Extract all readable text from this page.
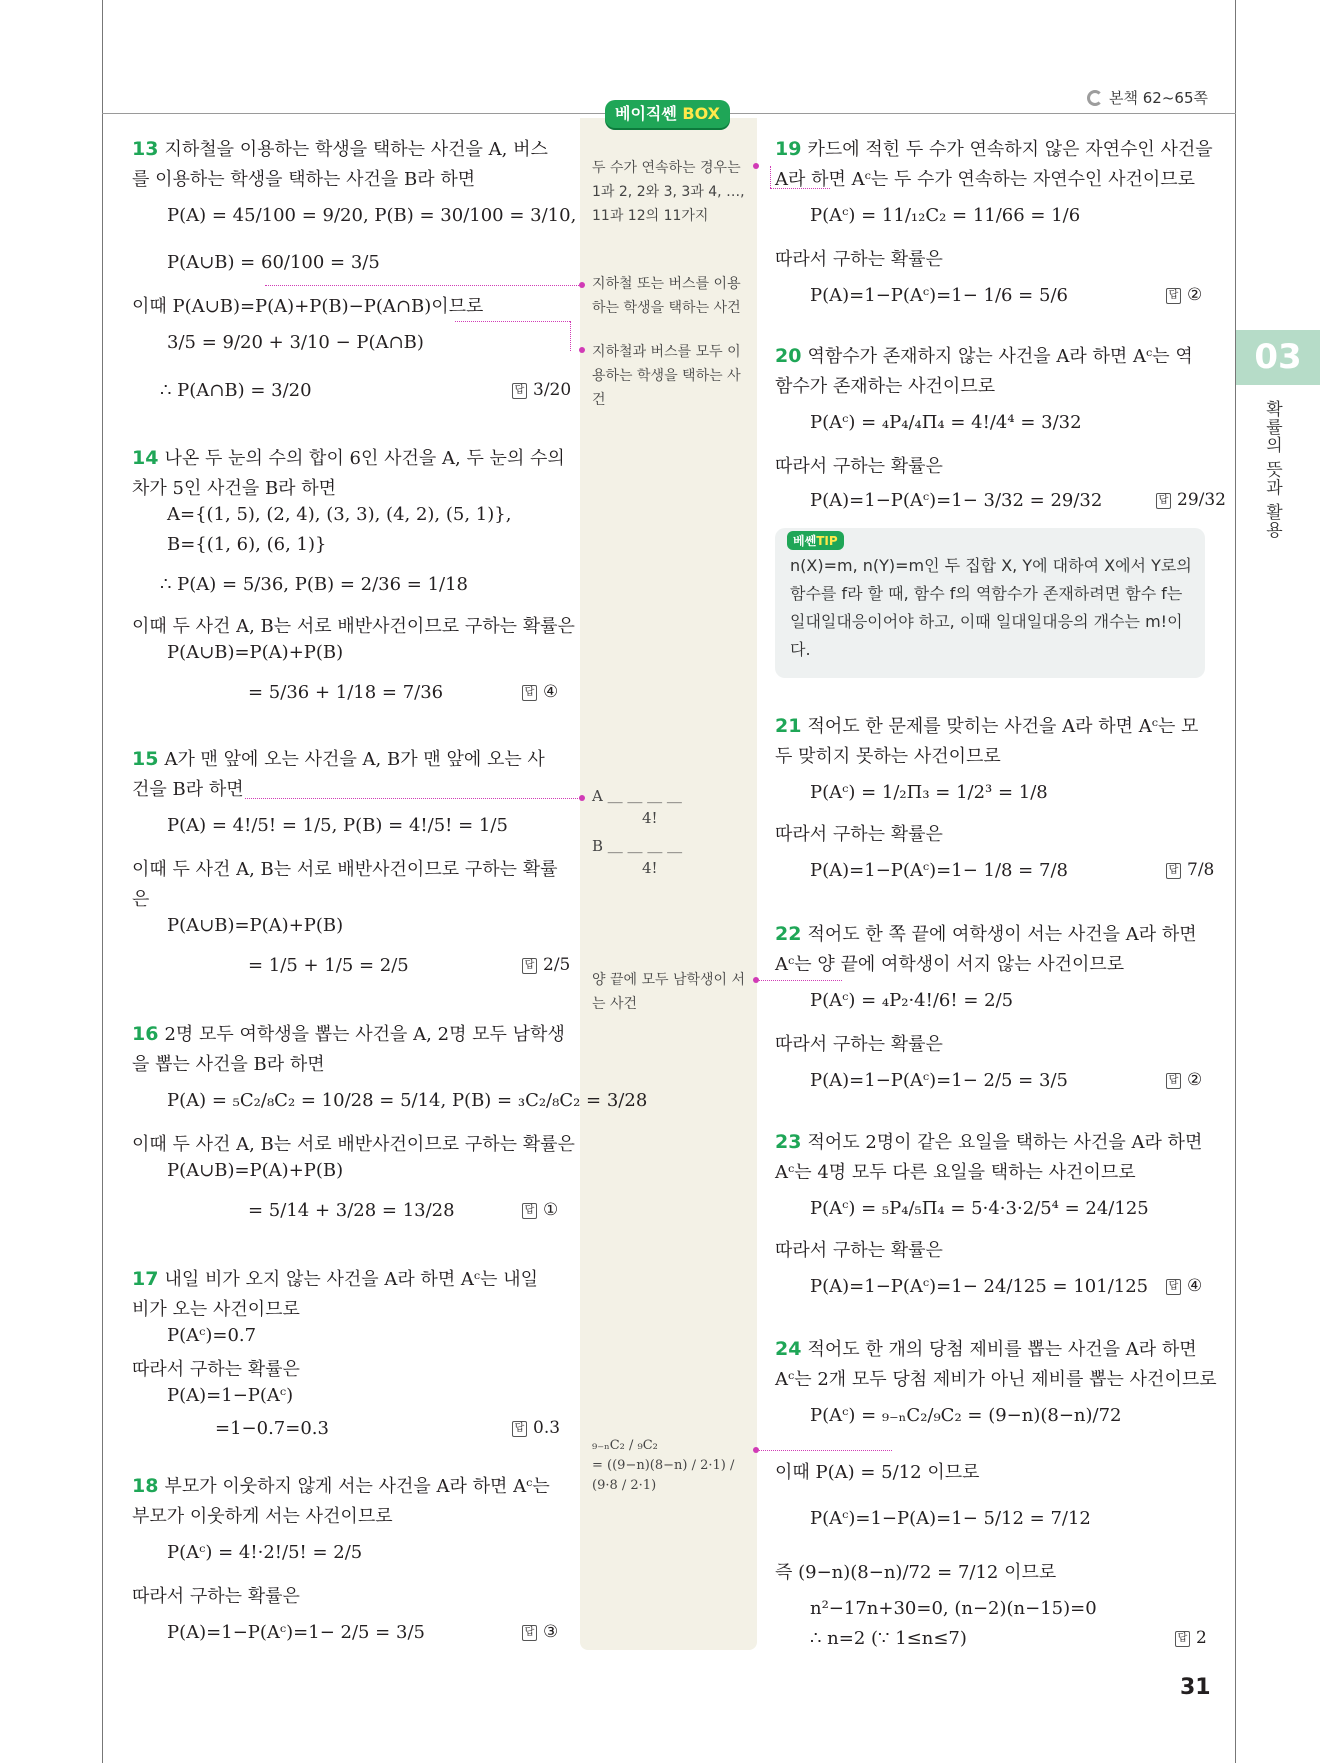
본책 62~65쪽
베이직쎈 BOX
두 수가 연속하는 경우는 1과 2, 2와 3, 3과 4, …, 11과 12의 11가지
지하철 또는 버스를 이용하는 학생을 택하는 사건
지하철과 버스를 모두 이용하는 학생을 택하는 사건
A ＿ ＿ ＿ ＿
4!
B ＿ ＿ ＿ ＿
4!
양 끝에 모두 남학생이 서는 사건
₉₋ₙC₂ / ₉C₂
= ((9−n)(8−n) / 2·1) / (9·8 / 2·1)
03
확률의 뜻과 활용
13 지하철을 이용하는 학생을 택하는 사건을 A, 버스
를 이용하는 학생을 택하는 사건을 B라 하면
P(A) = 45/100 = 9/20, P(B) = 30/100 = 3/10,
P(A∪B) = 60/100 = 3/5
이때 P(A∪B)=P(A)+P(B)−P(A∩B)이므로
3/5 = 9/20 + 3/10 − P(A∩B)
∴ P(A∩B) = 3/20	답 3/20
14 나온 두 눈의 수의 합이 6인 사건을 A, 두 눈의 수의
차가 5인 사건을 B라 하면
A={(1, 5), (2, 4), (3, 3), (4, 2), (5, 1)},
B={(1, 6), (6, 1)}
∴ P(A) = 5/36, P(B) = 2/36 = 1/18
이때 두 사건 A, B는 서로 배반사건이므로 구하는 확률은
P(A∪B)=P(A)+P(B)
= 5/36 + 1/18 = 7/36	답 ④
15 A가 맨 앞에 오는 사건을 A, B가 맨 앞에 오는 사
건을 B라 하면
P(A) = 4!/5! = 1/5, P(B) = 4!/5! = 1/5
이때 두 사건 A, B는 서로 배반사건이므로 구하는 확률
은
P(A∪B)=P(A)+P(B)
= 1/5 + 1/5 = 2/5	답 2/5
16 2명 모두 여학생을 뽑는 사건을 A, 2명 모두 남학생
을 뽑는 사건을 B라 하면
P(A) = ₅C₂/₈C₂ = 10/28 = 5/14, P(B) = ₃C₂/₈C₂ = 3/28
이때 두 사건 A, B는 서로 배반사건이므로 구하는 확률은
P(A∪B)=P(A)+P(B)
= 5/14 + 3/28 = 13/28	답 ①
17 내일 비가 오지 않는 사건을 A라 하면 Aᶜ는 내일
비가 오는 사건이므로
P(Aᶜ)=0.7
따라서 구하는 확률은
P(A)=1−P(Aᶜ)
=1−0.7=0.3	답 0.3
18 부모가 이웃하지 않게 서는 사건을 A라 하면 Aᶜ는
부모가 이웃하게 서는 사건이므로
P(Aᶜ) = 4!·2!/5! = 2/5
따라서 구하는 확률은
P(A)=1−P(Aᶜ)=1− 2/5 = 3/5	답 ③
19 카드에 적힌 두 수가 연속하지 않은 자연수인 사건을
A라 하면 Aᶜ는 두 수가 연속하는 자연수인 사건이므로
P(Aᶜ) = 11/₁₂C₂ = 11/66 = 1/6
따라서 구하는 확률은
P(A)=1−P(Aᶜ)=1− 1/6 = 5/6	답 ②
20 역함수가 존재하지 않는 사건을 A라 하면 Aᶜ는 역
함수가 존재하는 사건이므로
P(Aᶜ) = ₄P₄/₄Π₄ = 4!/4⁴ = 3/32
따라서 구하는 확률은
P(A)=1−P(Aᶜ)=1− 3/32 = 29/32	답 29/32
베쎈TIP
n(X)=m, n(Y)=m인 두 집합 X, Y에 대하여 X에서 Y로의 함수를 f라 할 때, 함수 f의 역함수가 존재하려면 함수 f는 일대일대응이어야 하고, 이때 일대일대응의 개수는 m!이다.
21 적어도 한 문제를 맞히는 사건을 A라 하면 Aᶜ는 모
두 맞히지 못하는 사건이므로
P(Aᶜ) = 1/₂Π₃ = 1/2³ = 1/8
따라서 구하는 확률은
P(A)=1−P(Aᶜ)=1− 1/8 = 7/8	답 7/8
22 적어도 한 쪽 끝에 여학생이 서는 사건을 A라 하면
Aᶜ는 양 끝에 여학생이 서지 않는 사건이므로
P(Aᶜ) = ₄P₂·4!/6! = 2/5
따라서 구하는 확률은
P(A)=1−P(Aᶜ)=1− 2/5 = 3/5	답 ②
23 적어도 2명이 같은 요일을 택하는 사건을 A라 하면
Aᶜ는 4명 모두 다른 요일을 택하는 사건이므로
P(Aᶜ) = ₅P₄/₅Π₄ = 5·4·3·2/5⁴ = 24/125
따라서 구하는 확률은
P(A)=1−P(Aᶜ)=1− 24/125 = 101/125 답 ④
24 적어도 한 개의 당첨 제비를 뽑는 사건을 A라 하면
Aᶜ는 2개 모두 당첨 제비가 아닌 제비를 뽑는 사건이므로
P(Aᶜ) = ₉₋ₙC₂/₉C₂ = (9−n)(8−n)/72
이때 P(A) = 5/12 이므로
P(Aᶜ)=1−P(A)=1− 5/12 = 7/12
즉 (9−n)(8−n)/72 = 7/12 이므로
n²−17n+30=0, (n−2)(n−15)=0
∴ n=2 (∵ 1≤n≤7)	답 2
31
